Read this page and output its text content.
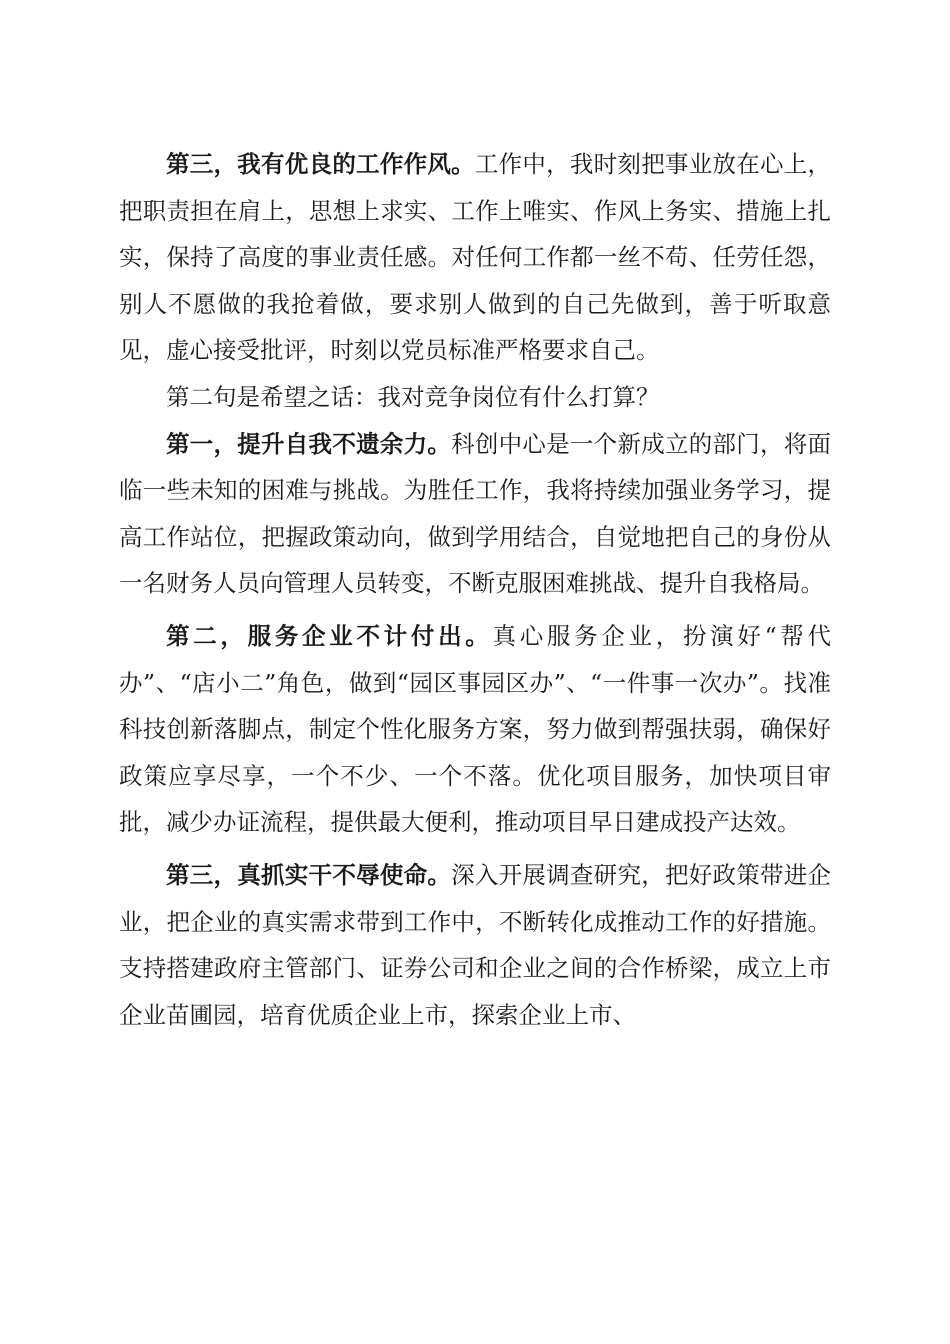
第三，我有优良的工作作风。工作中，我时刻把事业放在心上，把职责担在肩上，思想上求实、工作上唯实、作风上务实、措施上扎实，保持了高度的事业责任感。对任何工作都一丝不苟、任劳任怨，别人不愿做的我抢着做，要求别人做到的自己先做到，善于听取意见，虚心接受批评，时刻以党员标准严格要求自己。

第二句是希望之话：我对竞争岗位有什么打算？

第一，提升自我不遗余力。科创中心是一个新成立的部门，将面临一些未知的困难与挑战。为胜任工作，我将持续加强业务学习，提高工作站位，把握政策动向，做到学用结合，自觉地把自己的身份从一名财务人员向管理人员转变，不断克服困难挑战、提升自我格局。

第二，服务企业不计付出。真心服务企业，扮演好“帮代办”、“店小二”角色，做到“园区事园区办”、“一件事一次办”。找准科技创新落脚点，制定个性化服务方案，努力做到帮强扶弱，确保好政策应享尽享，一个不少、一个不落。优化项目服务，加快项目审批，减少办证流程，提供最大便利，推动项目早日建成投产达效。

第三，真抓实干不辱使命。深入开展调查研究，把好政策带进企业，把企业的真实需求带到工作中，不断转化成推动工作的好措施。支持搭建政府主管部门、证券公司和企业之间的合作桥梁，成立上市企业苗圃园，培育优质企业上市，探索企业上市、
